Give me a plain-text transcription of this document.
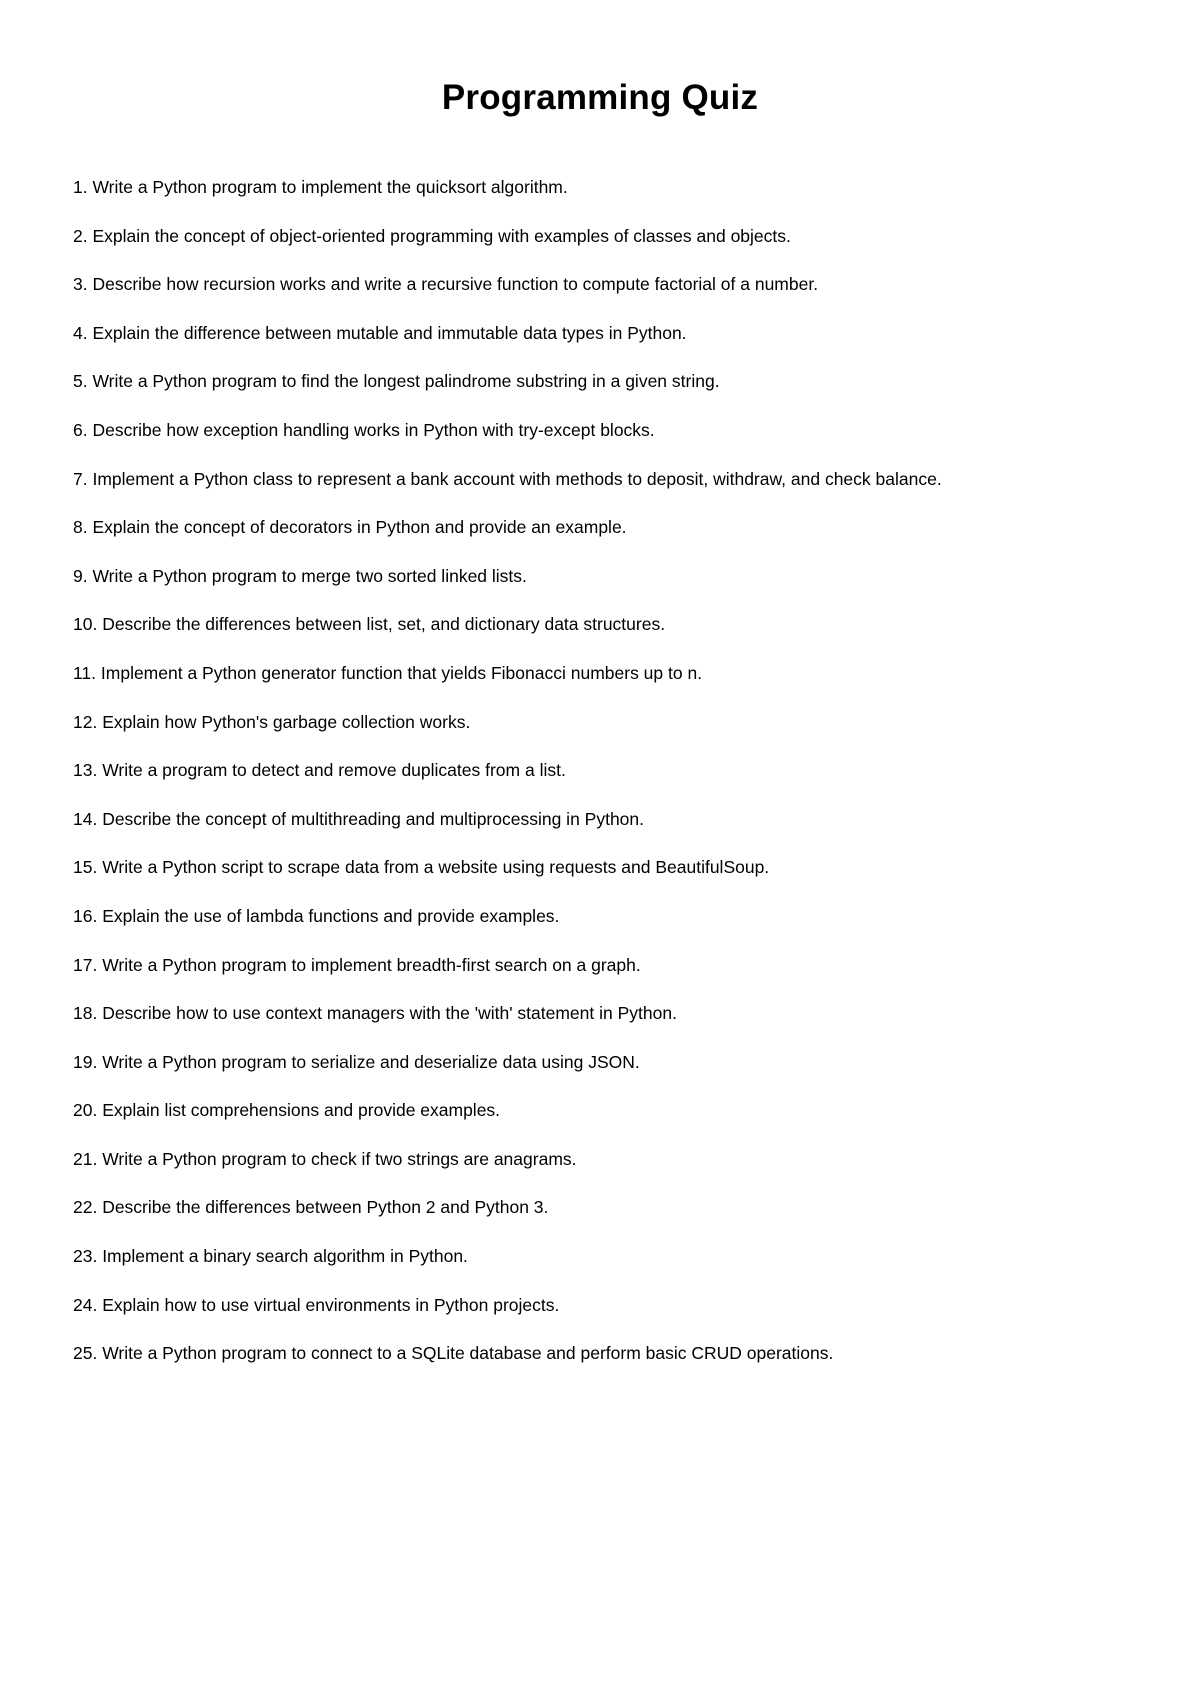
Programming Quiz
1. Write a Python program to implement the quicksort algorithm.
2. Explain the concept of object-oriented programming with examples of classes and objects.
3. Describe how recursion works and write a recursive function to compute factorial of a number.
4. Explain the difference between mutable and immutable data types in Python.
5. Write a Python program to find the longest palindrome substring in a given string.
6. Describe how exception handling works in Python with try-except blocks.
7. Implement a Python class to represent a bank account with methods to deposit, withdraw, and check balance.
8. Explain the concept of decorators in Python and provide an example.
9. Write a Python program to merge two sorted linked lists.
10. Describe the differences between list, set, and dictionary data structures.
11. Implement a Python generator function that yields Fibonacci numbers up to n.
12. Explain how Python's garbage collection works.
13. Write a program to detect and remove duplicates from a list.
14. Describe the concept of multithreading and multiprocessing in Python.
15. Write a Python script to scrape data from a website using requests and BeautifulSoup.
16. Explain the use of lambda functions and provide examples.
17. Write a Python program to implement breadth-first search on a graph.
18. Describe how to use context managers with the 'with' statement in Python.
19. Write a Python program to serialize and deserialize data using JSON.
20. Explain list comprehensions and provide examples.
21. Write a Python program to check if two strings are anagrams.
22. Describe the differences between Python 2 and Python 3.
23. Implement a binary search algorithm in Python.
24. Explain how to use virtual environments in Python projects.
25. Write a Python program to connect to a SQLite database and perform basic CRUD operations.
